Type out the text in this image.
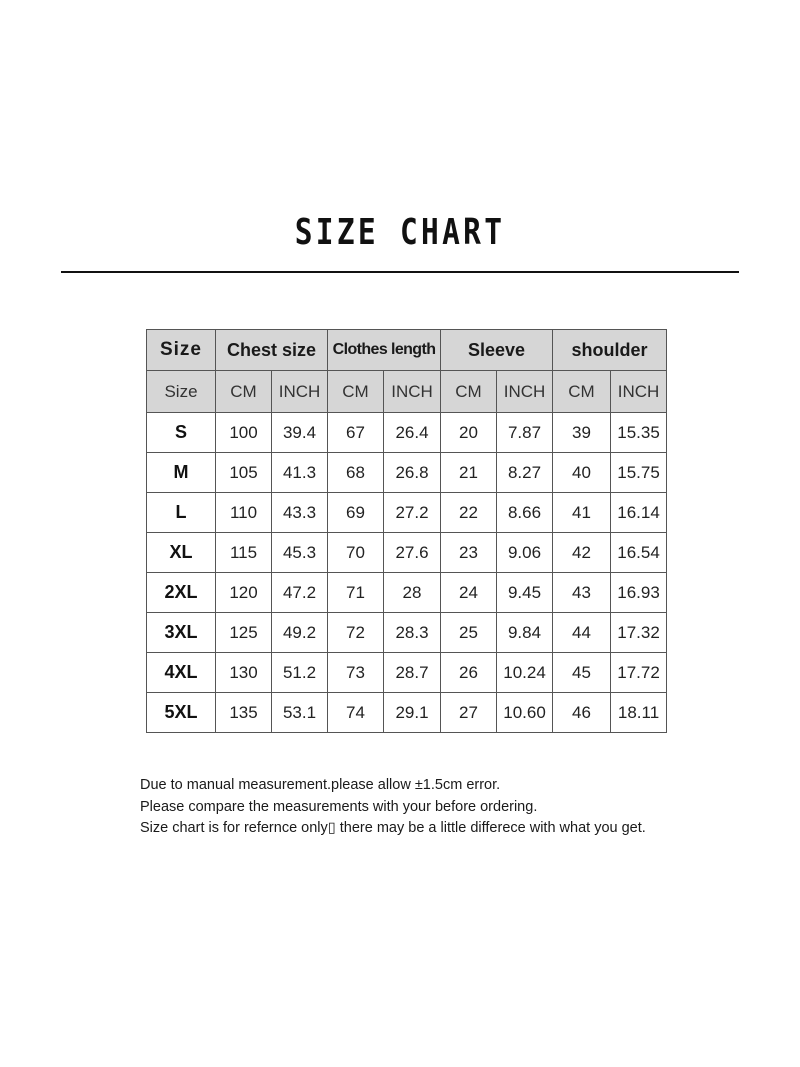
SIZE CHART
Size	Chest size		Clothes length		Sleeve		shoulder	
Size	CM	INCH	CM	INCH	CM	INCH	CM	INCH
S	100	39.4	67	26.4	20	7.87	39	15.35
M	105	41.3	68	26.8	21	8.27	40	15.75
L	110	43.3	69	27.2	22	8.66	41	16.14
XL	115	45.3	70	27.6	23	9.06	42	16.54
2XL	120	47.2	71	28	24	9.45	43	16.93
3XL	125	49.2	72	28.3	25	9.84	44	17.32
4XL	130	51.2	73	28.7	26	10.24	45	17.72
5XL	135	53.1	74	29.1	27	10.60	46	18.11
Due to manual measurement.please allow ±1.5cm error.
Please compare the measurements with your before ordering.
Size chart is for refernce only▯ there may be a little differece with what you get.
